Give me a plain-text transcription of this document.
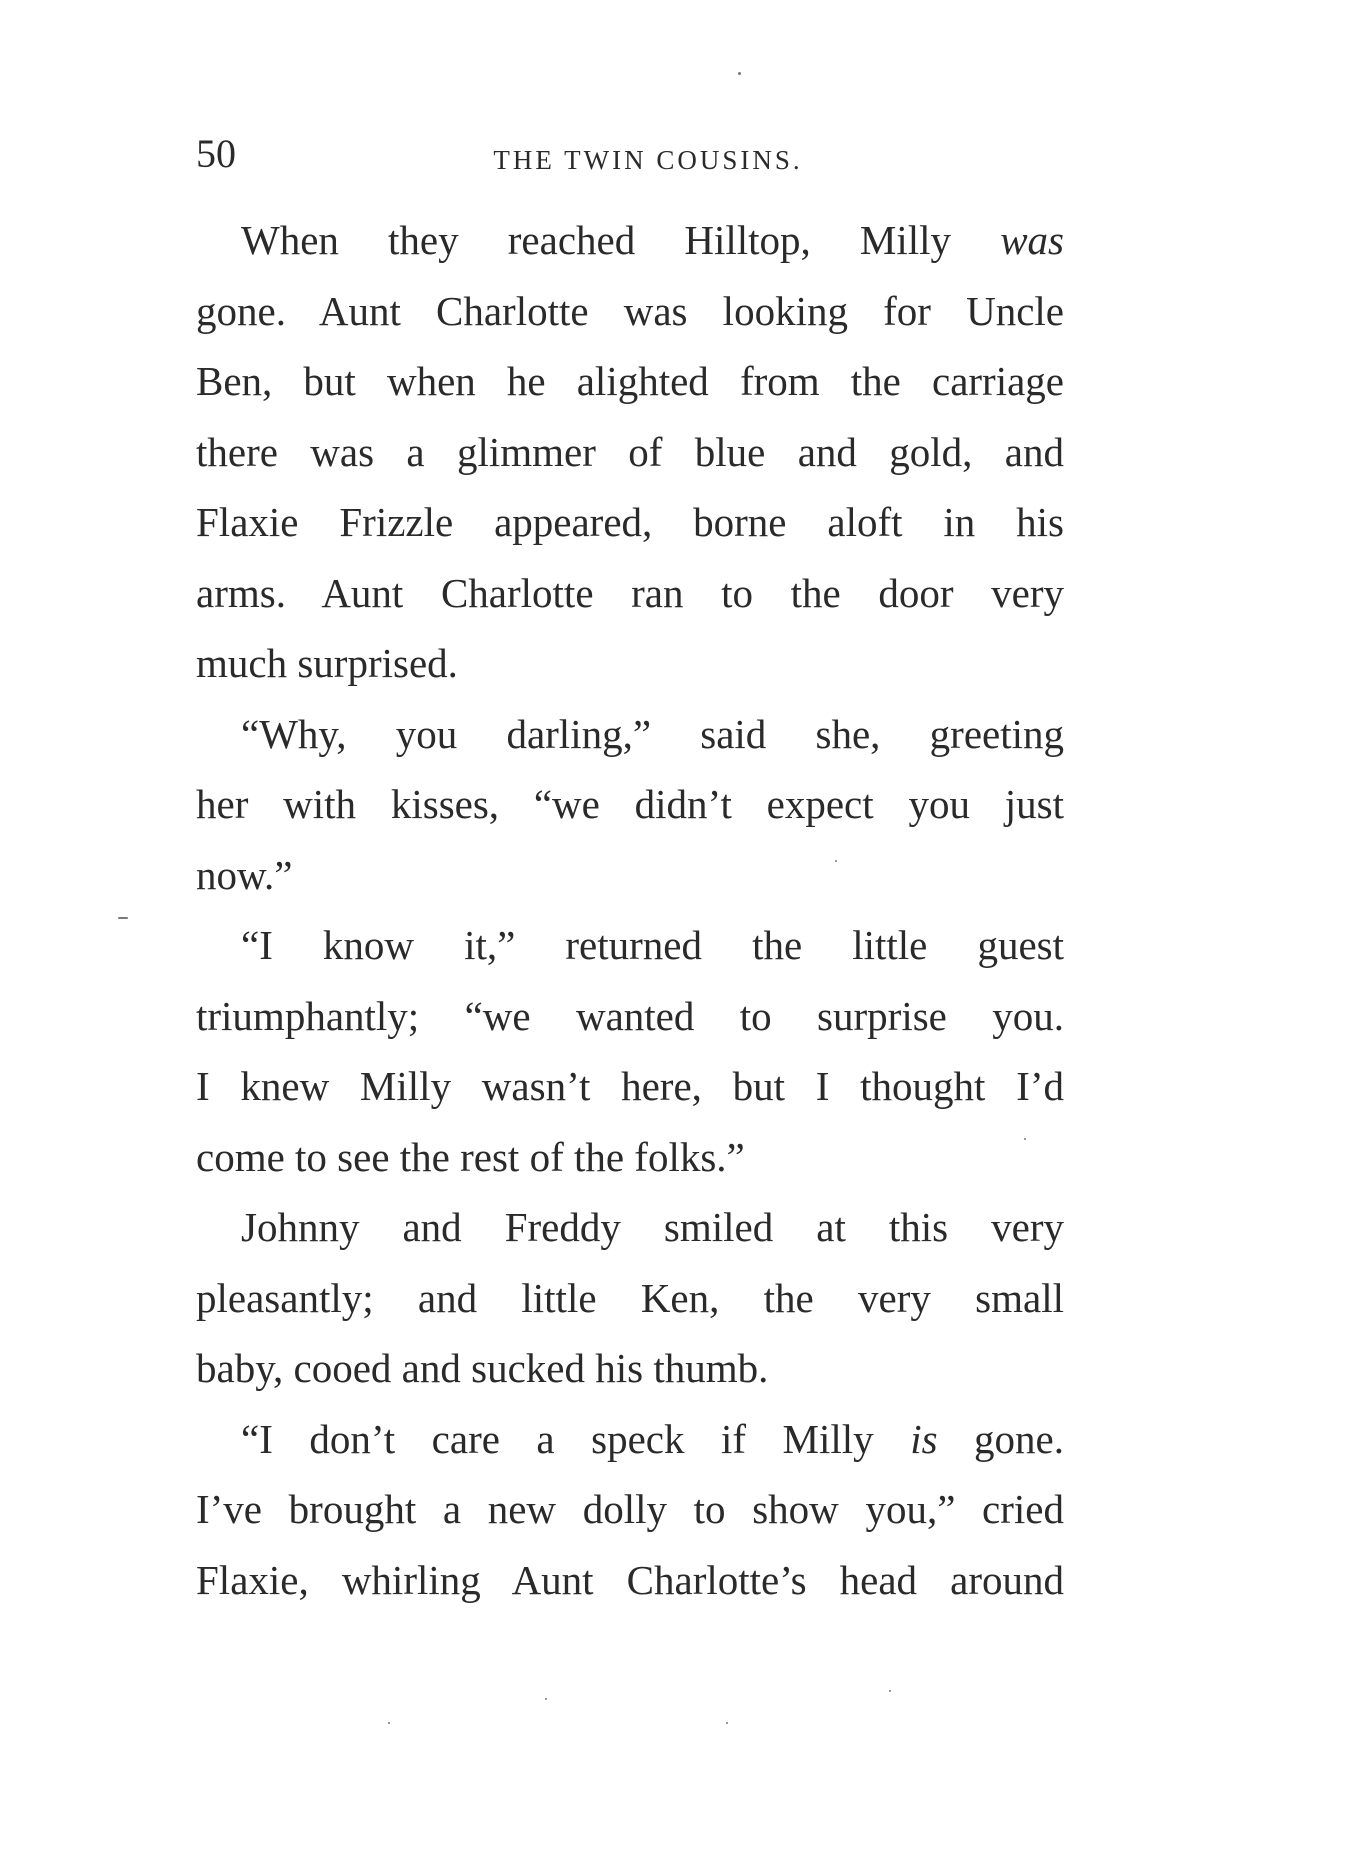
50	THE TWIN COUSINS.
When they reached Hilltop, Milly was
gone. Aunt Charlotte was looking for Uncle
Ben, but when he alighted from the carriage
there was a glimmer of blue and gold, and
Flaxie Frizzle appeared, borne aloft in his
arms. Aunt Charlotte ran to the door very
much surprised.
“Why, you darling,” said she, greeting
her with kisses, “we didn’t expect you just
now.”
“I know it,” returned the little guest
triumphantly; “we wanted to surprise you.
I knew Milly wasn’t here, but I thought I’d
come to see the rest of the folks.”
Johnny and Freddy smiled at this very
pleasantly; and little Ken, the very small
baby, cooed and sucked his thumb.
“I don’t care a speck if Milly is gone.
I’ve brought a new dolly to show you,” cried
Flaxie, whirling Aunt Charlotte’s head around
